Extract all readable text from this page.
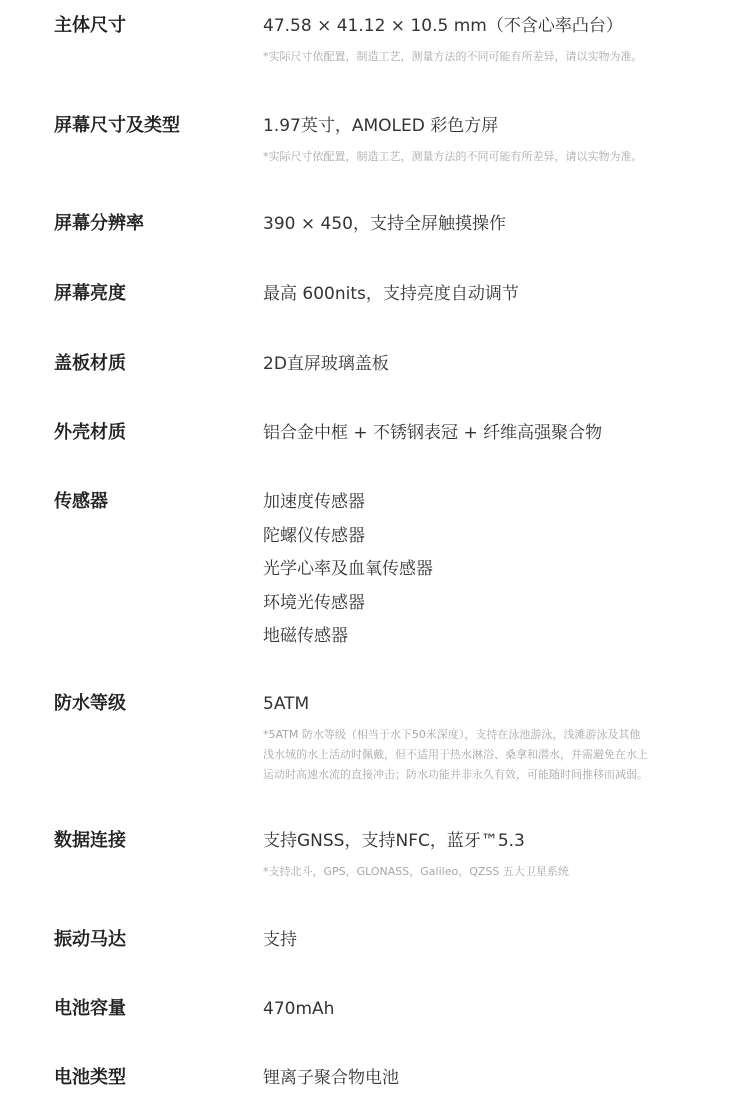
主体尺寸	47.58 × 41.12 × 10.5 mm（不含心率凸台）
*实际尺寸依配置，制造工艺，测量方法的不同可能有所差异，请以实物为准。
屏幕尺寸及类型	1.97英寸，AMOLED 彩色方屏
*实际尺寸依配置，制造工艺，测量方法的不同可能有所差异，请以实物为准。
屏幕分辨率	390 × 450，支持全屏触摸操作
屏幕亮度	最高 600nits，支持亮度自动调节
盖板材质	2D直屏玻璃盖板
外壳材质	铝合金中框 + 不锈钢表冠 + 纤维高强聚合物
传感器	加速度传感器
陀螺仪传感器
光学心率及血氧传感器
环境光传感器
地磁传感器
防水等级	5ATM
*5ATM 防水等级（相当于水下50米深度），支持在泳池游泳，浅滩游泳及其他
浅水域的水上活动时佩戴，但不适用于热水淋浴、桑拿和潜水，并需避免在水上
运动时高速水流的直接冲击；防水功能并非永久有效，可能随时间推移而减弱。
数据连接	支持GNSS，支持NFC，蓝牙™5.3
*支持北斗，GPS，GLONASS，Galileo，QZSS 五大卫星系统
振动马达	支持
电池容量	470mAh
电池类型	锂离子聚合物电池
